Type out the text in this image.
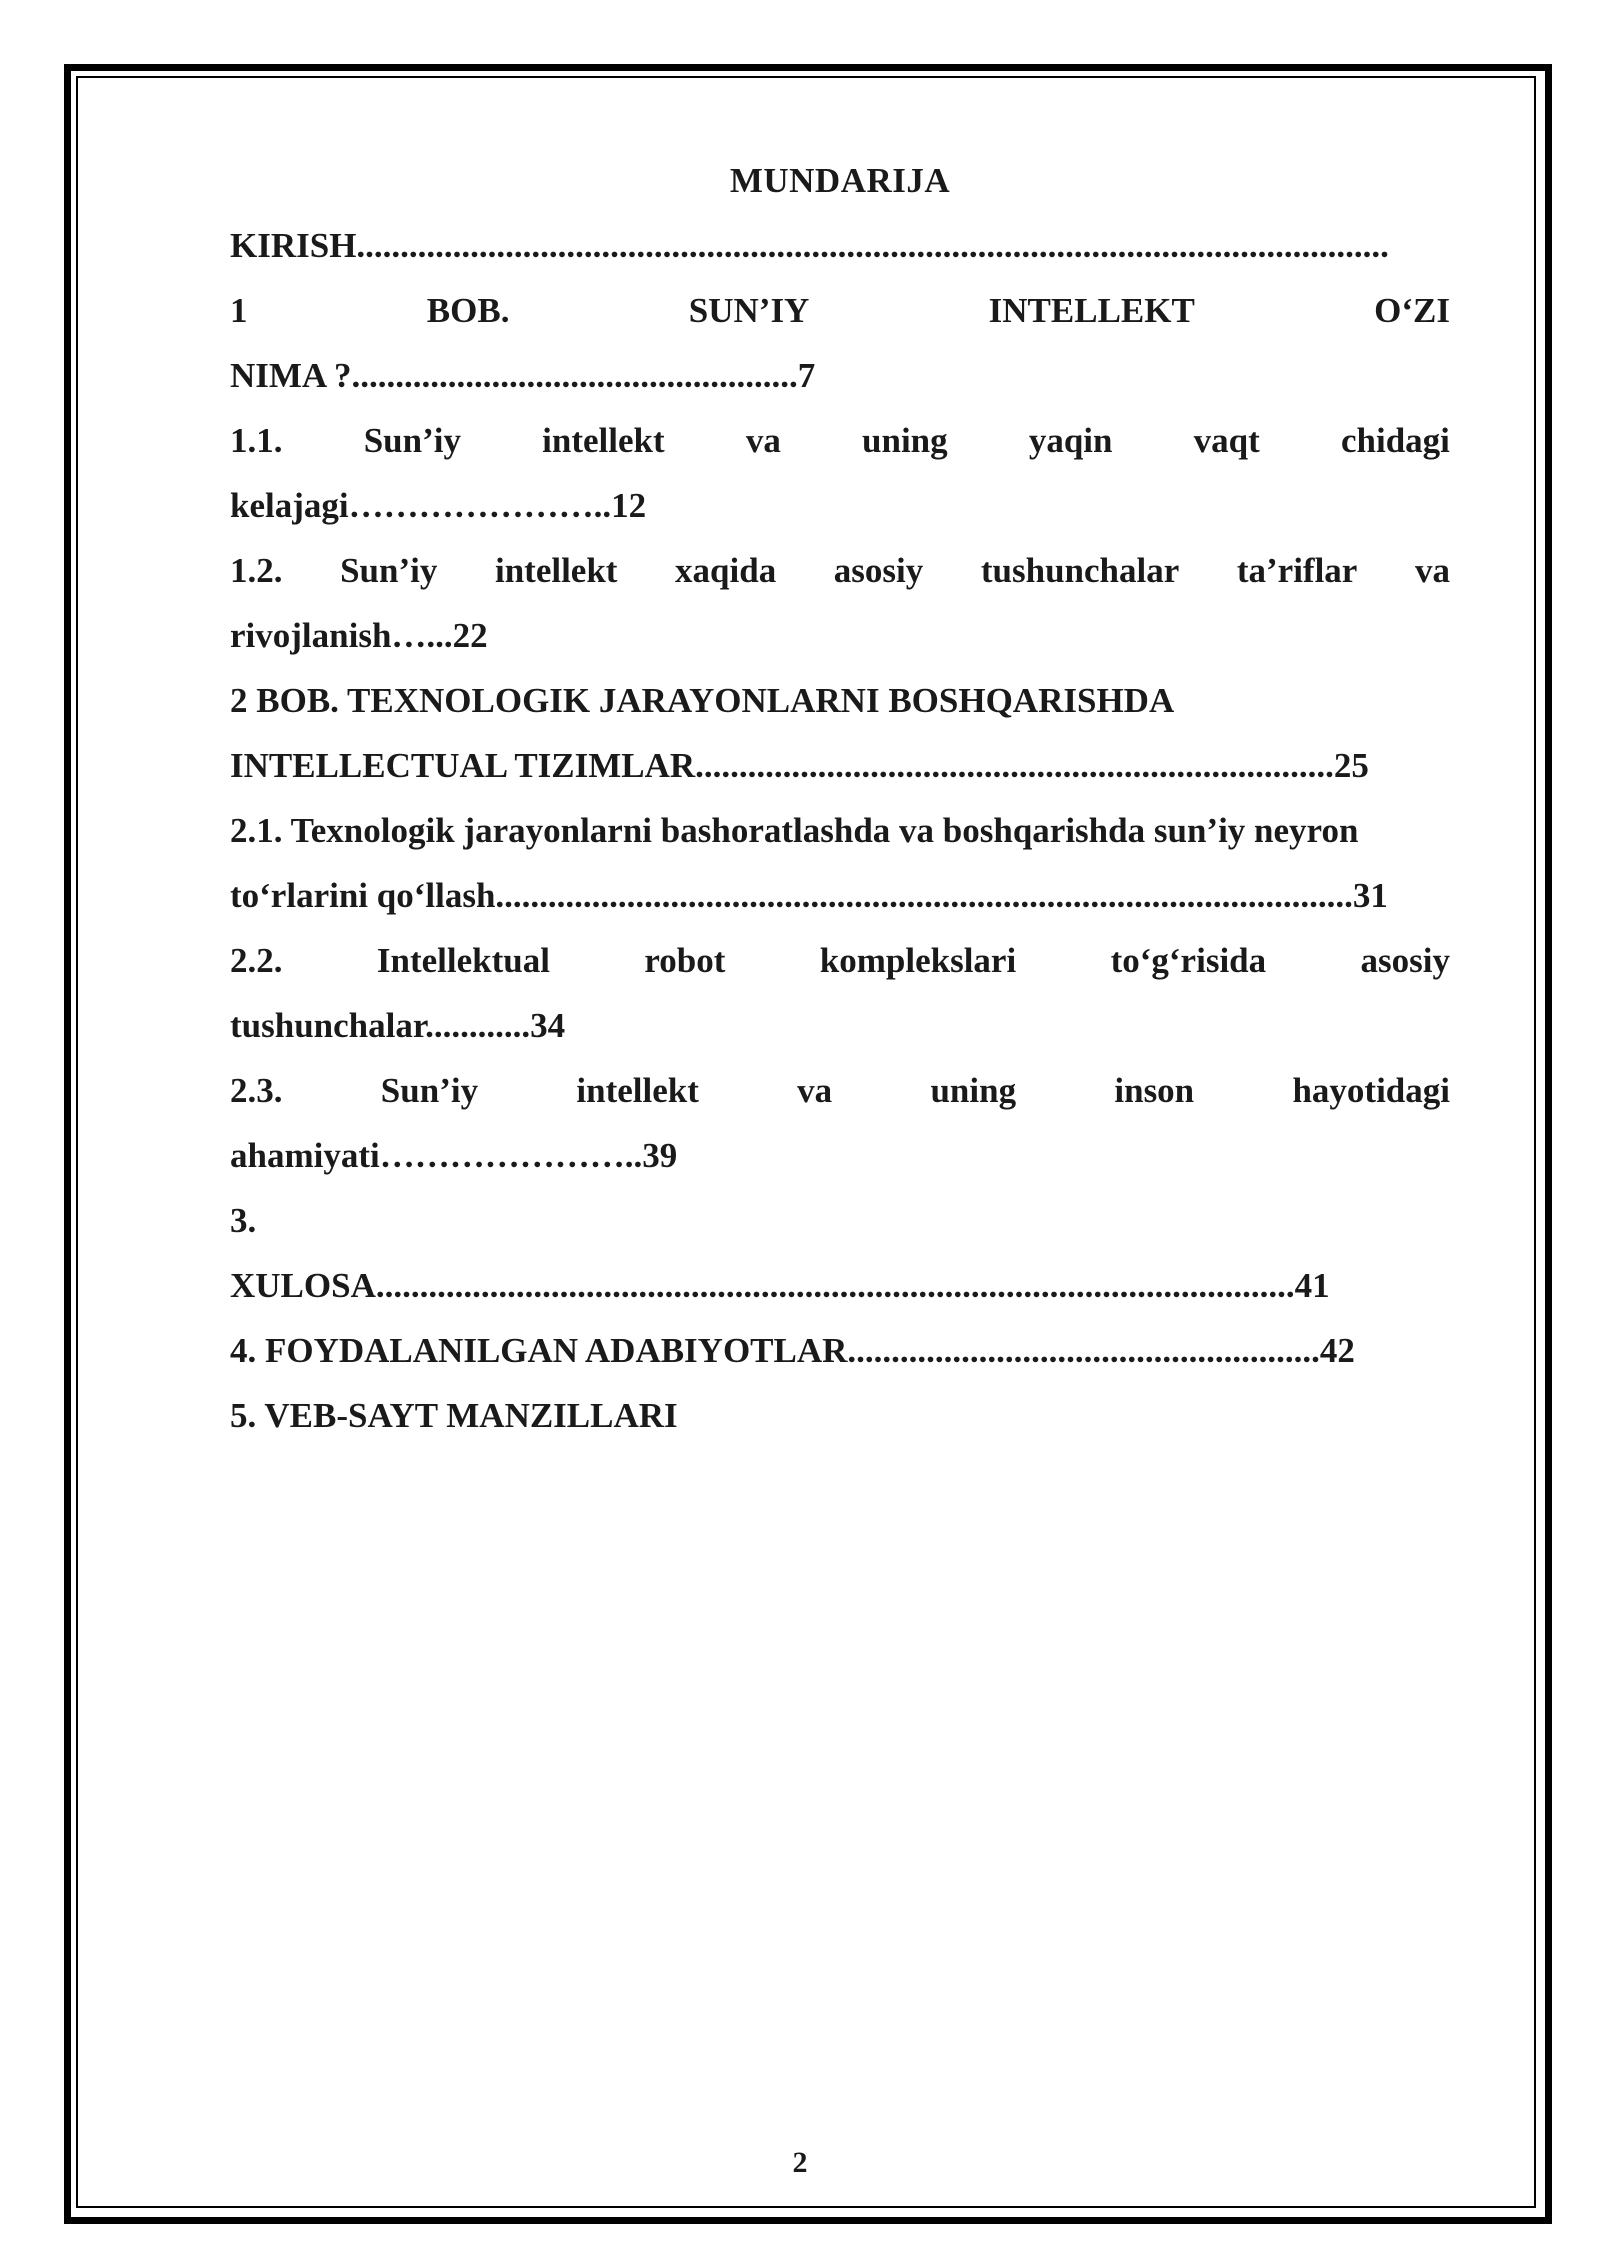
MUNDARIJA

KIRISH......................................................................................................................

1	BOB.	SUN’IY	INTELLEKT	O‘ZI

NIMA ?...................................................7

1.1. Sun’iy intellekt va uning yaqin vaqt chidagi

kelajagi…………………..12

1.2. Sun’iy intellekt xaqida asosiy tushunchalar ta’riflar va

rivojlanish…...22

2 BOB. TEXNOLOGIK JARAYONLARNI BOSHQARISHDA

INTELLECTUAL TIZIMLAR.........................................................................25

2.1. Texnologik jarayonlarni bashoratlashda va boshqarishda sun’iy neyron

to‘rlarini qo‘llash..................................................................................................31

2.2.	Intellektual	robot	komplekslari	to‘g‘risida	asosiy

tushunchalar............34

2.3.	Sun’iy	intellekt	va	uning	inson	hayotidagi

ahamiyati…………………..39

3.

XULOSA.........................................................................................................41

4. FOYDALANILGAN ADABIYOTLAR......................................................42

5. VEB-SAYT MANZILLARI

2
